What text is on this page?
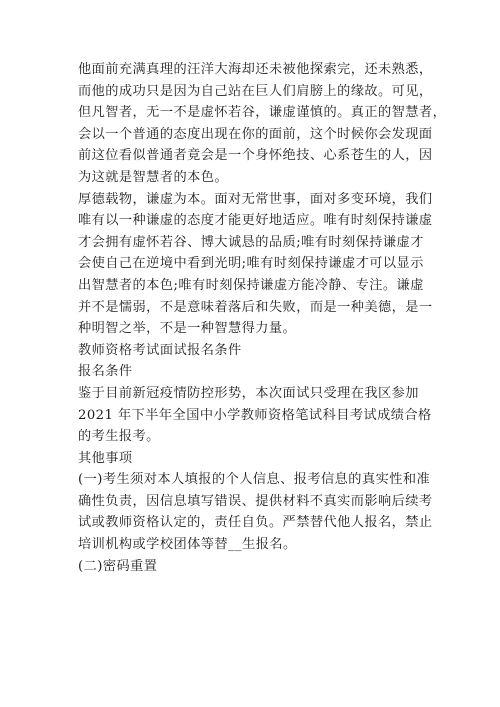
他面前充满真理的汪洋大海却还未被他探索完，还未熟悉，
而他的成功只是因为自己站在巨人们肩膀上的缘故。可见，
但凡智者，无一不是虚怀若谷，谦虚谨慎的。真正的智慧者，
会以一个普通的态度出现在你的面前，这个时候你会发现面
前这位看似普通者竟会是一个身怀绝技、心系苍生的人，因
为这就是智慧者的本色。
厚德载物，谦虚为本。面对无常世事，面对多变环境，我们
唯有以一种谦虚的态度才能更好地适应。唯有时刻保持谦虚
才会拥有虚怀若谷、博大诚恳的品质;唯有时刻保持谦虚才
会使自己在逆境中看到光明;唯有时刻保持谦虚才可以显示
出智慧者的本色;唯有时刻保持谦虚方能冷静、专注。谦虚
并不是懦弱，不是意味着落后和失败，而是一种美德，是一
种明智之举，不是一种智慧得力量。
教师资格考试面试报名条件
报名条件
鉴于目前新冠疫情防控形势，本次面试只受理在我区参加
2021 年下半年全国中小学教师资格笔试科目考试成绩合格
的考生报考。
其他事项
(一)考生须对本人填报的个人信息、报考信息的真实性和准
确性负责，因信息填写错误、提供材料不真实而影响后续考
试或教师资格认定的，责任自负。严禁替代他人报名，禁止
培训机构或学校团体等替__生报名。
(二)密码重置
